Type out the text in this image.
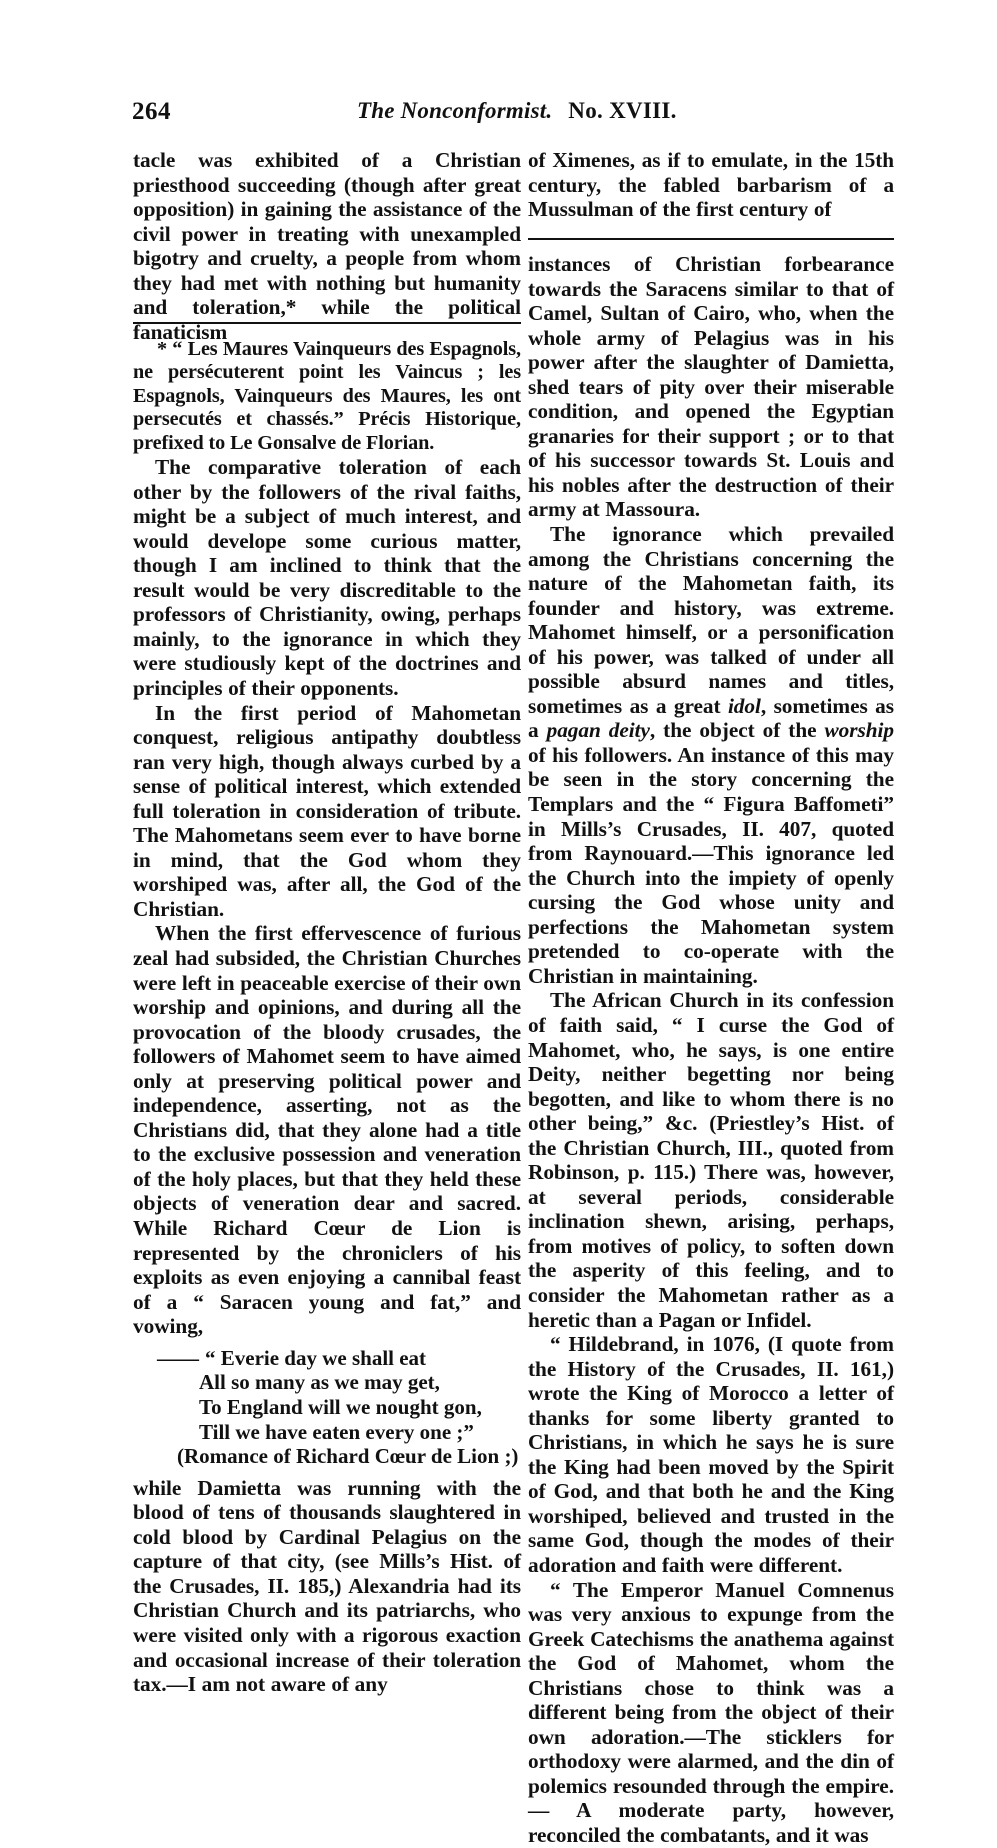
264	The Nonconformist. No. XVIII.

tacle was exhibited of a Christian priesthood succeeding (though after great opposition) in gaining the assistance of the civil power in treating with unexampled bigotry and cruelty, a people from whom they had met with nothing but humanity and toleration,* while the political fanaticism

* “ Les Maures Vainqueurs des Espagnols, ne persécuterent point les Vaincus ; les Espagnols, Vainqueurs des Maures, les ont persecutés et chassés.” Précis Historique, prefixed to Le Gonsalve de Florian.

The comparative toleration of each other by the followers of the rival faiths, might be a subject of much interest, and would develope some curious matter, though I am inclined to think that the result would be very discreditable to the professors of Christianity, owing, perhaps mainly, to the ignorance in which they were studiously kept of the doctrines and principles of their opponents.

In the first period of Mahometan conquest, religious antipathy doubtless ran very high, though always curbed by a sense of political interest, which extended full toleration in consideration of tribute. The Mahometans seem ever to have borne in mind, that the God whom they worshiped was, after all, the God of the Christian.

When the first effervescence of furious zeal had subsided, the Christian Churches were left in peaceable exercise of their own worship and opinions, and during all the provocation of the bloody crusades, the followers of Mahomet seem to have aimed only at preserving political power and independence, asserting, not as the Christians did, that they alone had a title to the exclusive possession and veneration of the holy places, but that they held these objects of veneration dear and sacred. While Richard Cœur de Lion is represented by the chroniclers of his exploits as even enjoying a cannibal feast of a “ Saracen young and fat,” and vowing,

—— “ Everie day we shall eat
All so many as we may get,
To England will we nought gon,
Till we have eaten every one ;”
(Romance of Richard Cœur de Lion ;)

while Damietta was running with the blood of tens of thousands slaughtered in cold blood by Cardinal Pelagius on the capture of that city, (see Mills’s Hist. of the Crusades, II. 185,) Alexandria had its Christian Church and its patriarchs, who were visited only with a rigorous exaction and occasional increase of their toleration tax.—I am not aware of any

of Ximenes, as if to emulate, in the 15th century, the fabled barbarism of a Mussulman of the first century of

instances of Christian forbearance towards the Saracens similar to that of Camel, Sultan of Cairo, who, when the whole army of Pelagius was in his power after the slaughter of Damietta, shed tears of pity over their miserable condition, and opened the Egyptian granaries for their support ; or to that of his successor towards St. Louis and his nobles after the destruction of their army at Massoura.

The ignorance which prevailed among the Christians concerning the nature of the Mahometan faith, its founder and history, was extreme. Mahomet himself, or a personification of his power, was talked of under all possible absurd names and titles, sometimes as a great idol, sometimes as a pagan deity, the object of the worship of his followers. An instance of this may be seen in the story concerning the Templars and the “ Figura Baffometi” in Mills’s Crusades, II. 407, quoted from Raynouard.—This ignorance led the Church into the impiety of openly cursing the God whose unity and perfections the Mahometan system pretended to co-operate with the Christian in maintaining.

The African Church in its confession of faith said, “ I curse the God of Mahomet, who, he says, is one entire Deity, neither begetting nor being begotten, and like to whom there is no other being,” &c. (Priestley’s Hist. of the Christian Church, III., quoted from Robinson, p. 115.) There was, however, at several periods, considerable inclination shewn, arising, perhaps, from motives of policy, to soften down the asperity of this feeling, and to consider the Mahometan rather as a heretic than a Pagan or Infidel.

“ Hildebrand, in 1076, (I quote from the History of the Crusades, II. 161,) wrote the King of Morocco a letter of thanks for some liberty granted to Christians, in which he says he is sure the King had been moved by the Spirit of God, and that both he and the King worshiped, believed and trusted in the same God, though the modes of their adoration and faith were different.

“ The Emperor Manuel Comnenus was very anxious to expunge from the Greek Catechisms the anathema against the God of Mahomet, whom the Christians chose to think was a different being from the object of their own adoration.—The sticklers for orthodoxy were alarmed, and the din of polemics resounded through the empire.— A moderate party, however, reconciled the combatants, and it was
